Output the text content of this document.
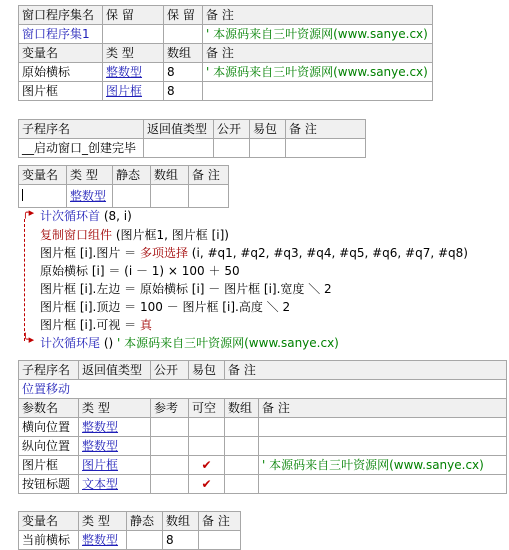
窗口程序集名	保 留	保 留	备 注
窗口程序集1			' 本源码来自三叶资源网(www.sanye.cx)
变量名	类 型	数组	备 注
原始横标	整数型	8	' 本源码来自三叶资源网(www.sanye.cx)
图片框	图片框	8	
子程序名	返回值类型	公开	易包	备 注
__启动窗口_创建完毕				
变量名	类 型	静态	数组	备 注
	整数型			
╭▸
╰▸
计次循环首 (8, i)
复制窗口组件 (图片框1, 图片框 [i])
图片框 [i].图片 ＝ 多项选择 (i, #q1, #q2, #q3, #q4, #q5, #q6, #q7, #q8)
原始横标 [i] ＝ (i － 1) × 100 ＋ 50
图片框 [i].左边 ＝ 原始横标 [i] － 图片框 [i].宽度 ＼ 2
图片框 [i].顶边 ＝ 100 － 图片框 [i].高度 ＼ 2
图片框 [i].可视 ＝ 真
计次循环尾 () ' 本源码来自三叶资源网(www.sanye.cx)
子程序名	返回值类型	公开	易包	备 注	
位置移动					
参数名	类 型	参考	可空	数组	备 注
横向位置	整数型				
纵向位置	整数型				
图片框	图片框		✔		' 本源码来自三叶资源网(www.sanye.cx)
按钮标题	文本型		✔		
变量名	类 型	静态	数组	备 注
当前横标	整数型		8	
